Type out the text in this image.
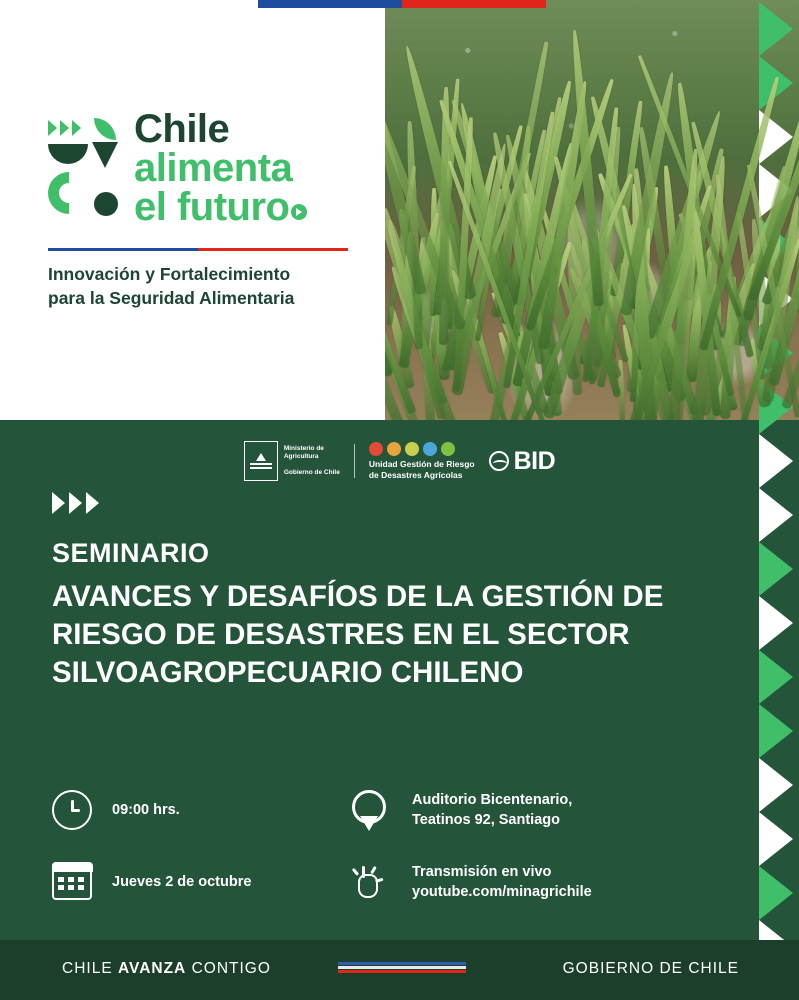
Chile
alimenta
el futuro
Innovación y Fortalecimiento
para la Seguridad Alimentaria
Ministerio de
Agricultura
Gobierno de Chile
Unidad Gestión de Riesgo
de Desastres Agrícolas	BID
SEMINARIO
AVANCES Y DESAFÍOS DE LA GESTIÓN DE RIESGO DE DESASTRES EN EL SECTOR SILVOAGROPECUARIO CHILENO
09:00 hrs.
Auditorio Bicentenario,
Teatinos 92, Santiago
Jueves 2 de octubre
Transmisión en vivo
youtube.com/minagrichile
CHILE AVANZA CONTIGO	GOBIERNO DE CHILE
